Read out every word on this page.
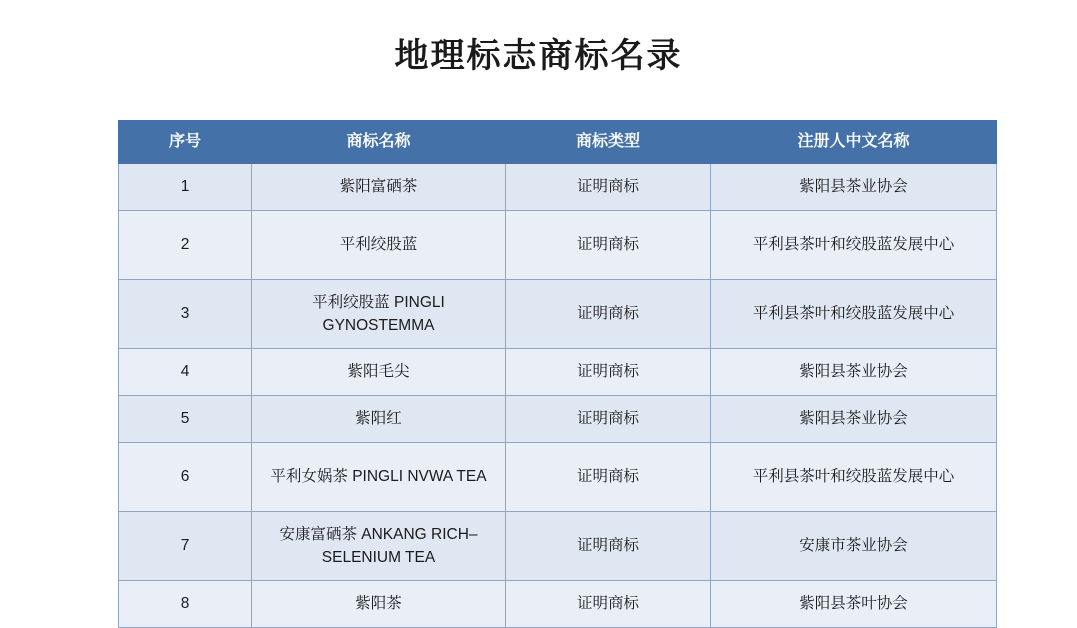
地理标志商标名录
序号	商标名称	商标类型	注册人中文名称
1	紫阳富硒茶	证明商标	紫阳县茶业协会
2	平利绞股蓝	证明商标	平利县茶叶和绞股蓝发展中心
3	平利绞股蓝 PINGLI GYNOSTEMMA	证明商标	平利县茶叶和绞股蓝发展中心
4	紫阳毛尖	证明商标	紫阳县茶业协会
5	紫阳红	证明商标	紫阳县茶业协会
6	平利女娲茶 PINGLI NVWA TEA	证明商标	平利县茶叶和绞股蓝发展中心
7	安康富硒茶 ANKANG RICH–SELENIUM TEA	证明商标	安康市茶业协会
8	紫阳茶	证明商标	紫阳县茶叶协会
